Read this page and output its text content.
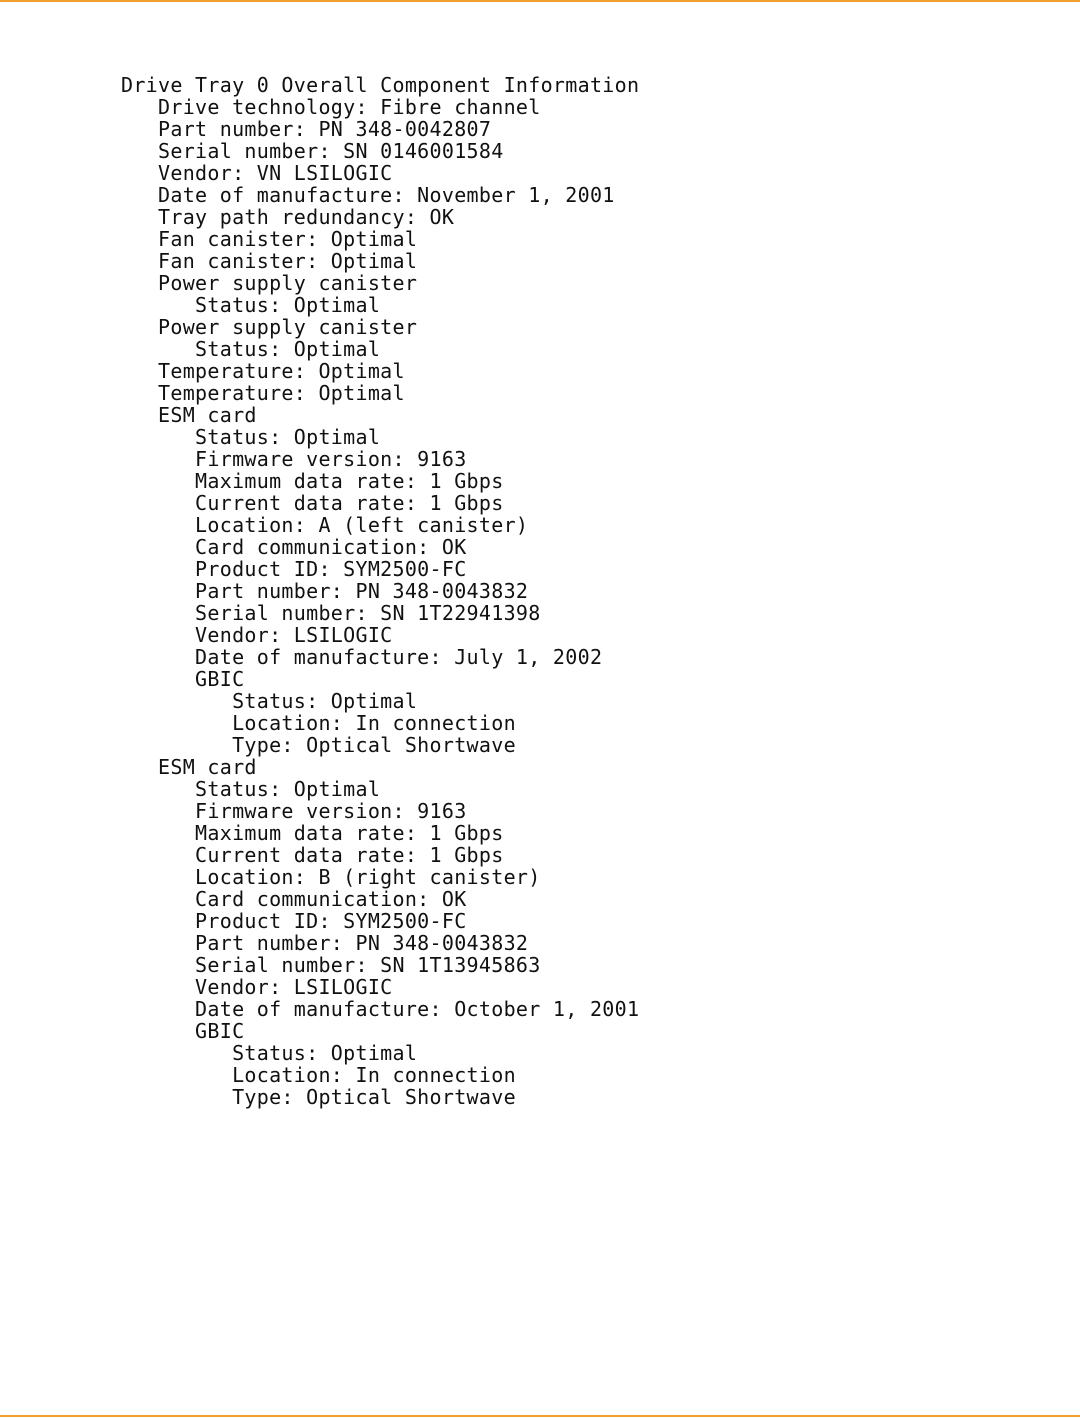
Drive Tray 0 Overall Component Information
Drive technology: Fibre channel
Part number: PN 348-0042807
Serial number: SN 0146001584
Vendor: VN LSILOGIC
Date of manufacture: November 1, 2001
Tray path redundancy: OK
Fan canister: Optimal
Fan canister: Optimal
Power supply canister
Status: Optimal
Power supply canister
Status: Optimal
Temperature: Optimal
Temperature: Optimal
ESM card
Status: Optimal
Firmware version: 9163
Maximum data rate: 1 Gbps
Current data rate: 1 Gbps
Location: A (left canister)
Card communication: OK
Product ID: SYM2500-FC
Part number: PN 348-0043832
Serial number: SN 1T22941398
Vendor: LSILOGIC
Date of manufacture: July 1, 2002
GBIC
Status: Optimal
Location: In connection
Type: Optical Shortwave
ESM card
Status: Optimal
Firmware version: 9163
Maximum data rate: 1 Gbps
Current data rate: 1 Gbps
Location: B (right canister)
Card communication: OK
Product ID: SYM2500-FC
Part number: PN 348-0043832
Serial number: SN 1T13945863
Vendor: LSILOGIC
Date of manufacture: October 1, 2001
GBIC
Status: Optimal
Location: In connection
Type: Optical Shortwave
